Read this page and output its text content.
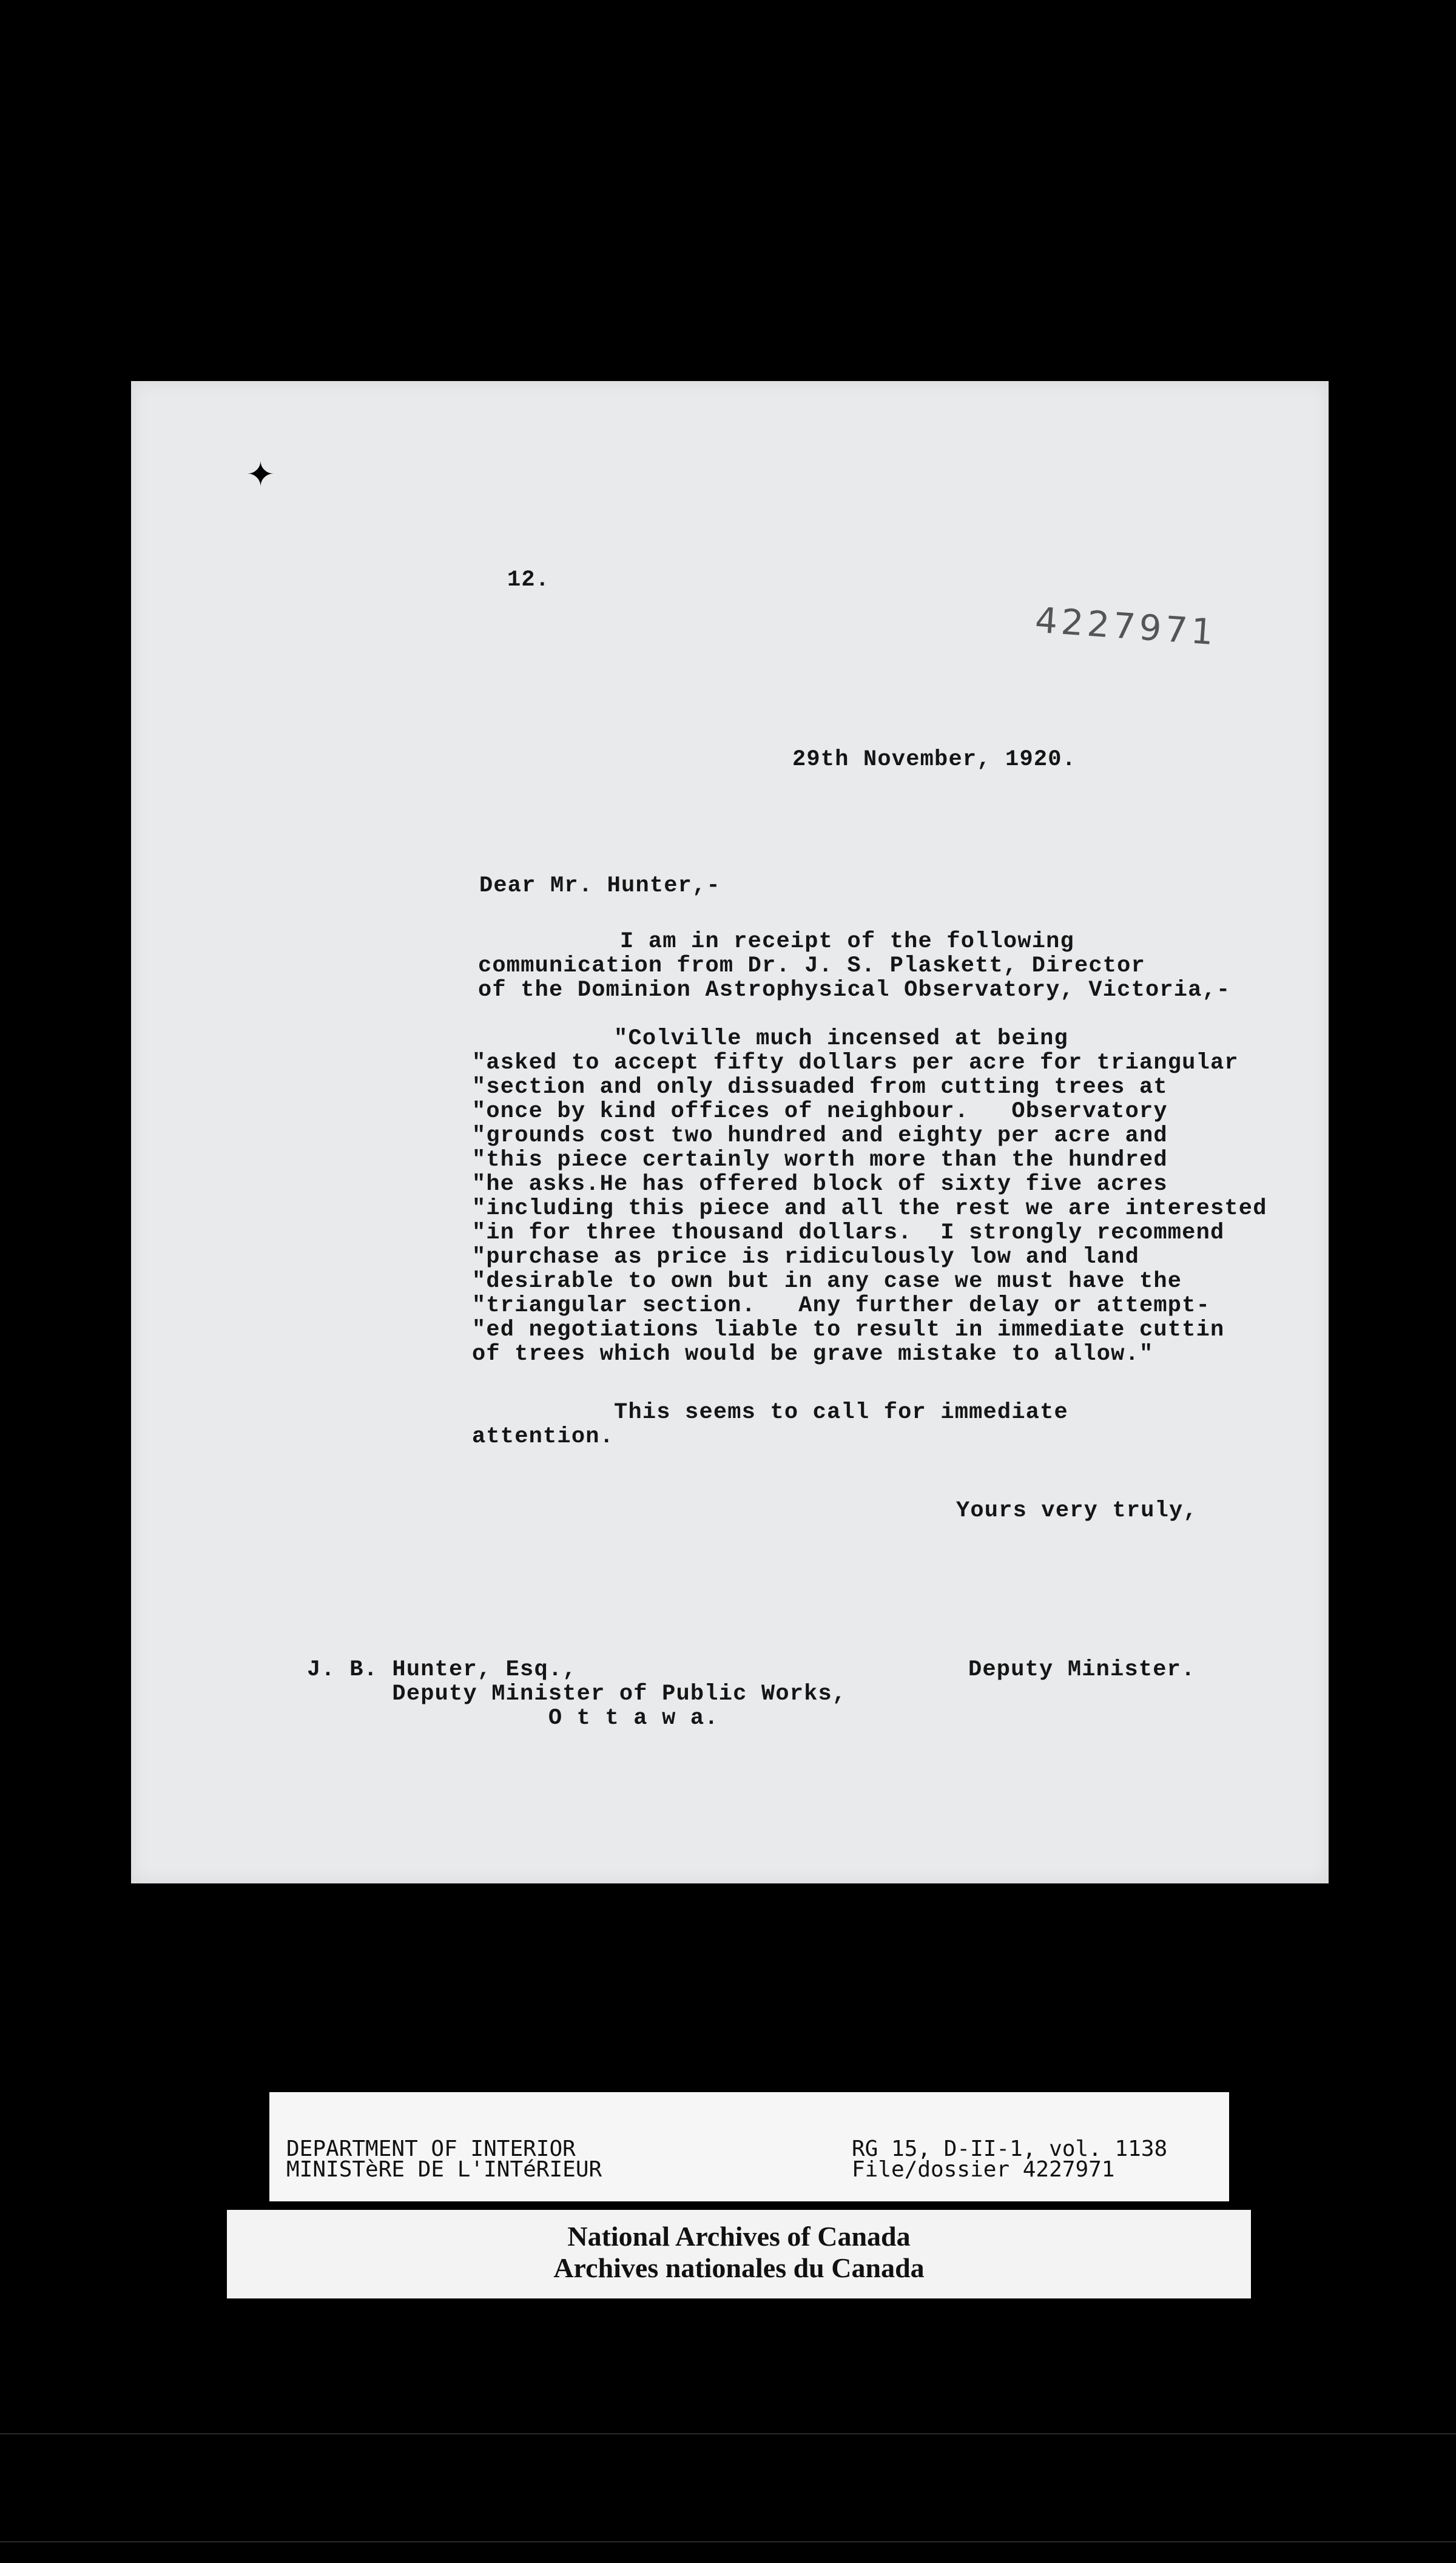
✦
12.
4227971
29th November, 1920.
Dear Mr. Hunter,-
I am in receipt of the following
communication from Dr. J. S. Plaskett, Director
of the Dominion Astrophysical Observatory, Victoria,-
"Colville much incensed at being
"asked to accept fifty dollars per acre for triangular
"section and only dissuaded from cutting trees at
"once by kind offices of neighbour.   Observatory
"grounds cost two hundred and eighty per acre and
"this piece certainly worth more than the hundred
"he asks.He has offered block of sixty five acres
"including this piece and all the rest we are interested
"in for three thousand dollars.  I strongly recommend
"purchase as price is ridiculously low and land
"desirable to own but in any case we must have the
"triangular section.   Any further delay or attempt-
"ed negotiations liable to result in immediate cuttin
of trees which would be grave mistake to allow."
This seems to call for immediate
attention.
Yours very truly,
Deputy Minister.
J. B. Hunter, Esq.,
Deputy Minister of Public Works,
O t t a w a.
DEPARTMENT OF INTERIOR
MINISTèRE DE L'INTéRIEUR
RG 15, D-II-1, vol. 1138
File/dossier 4227971
National Archives of Canada
Archives nationales du Canada
